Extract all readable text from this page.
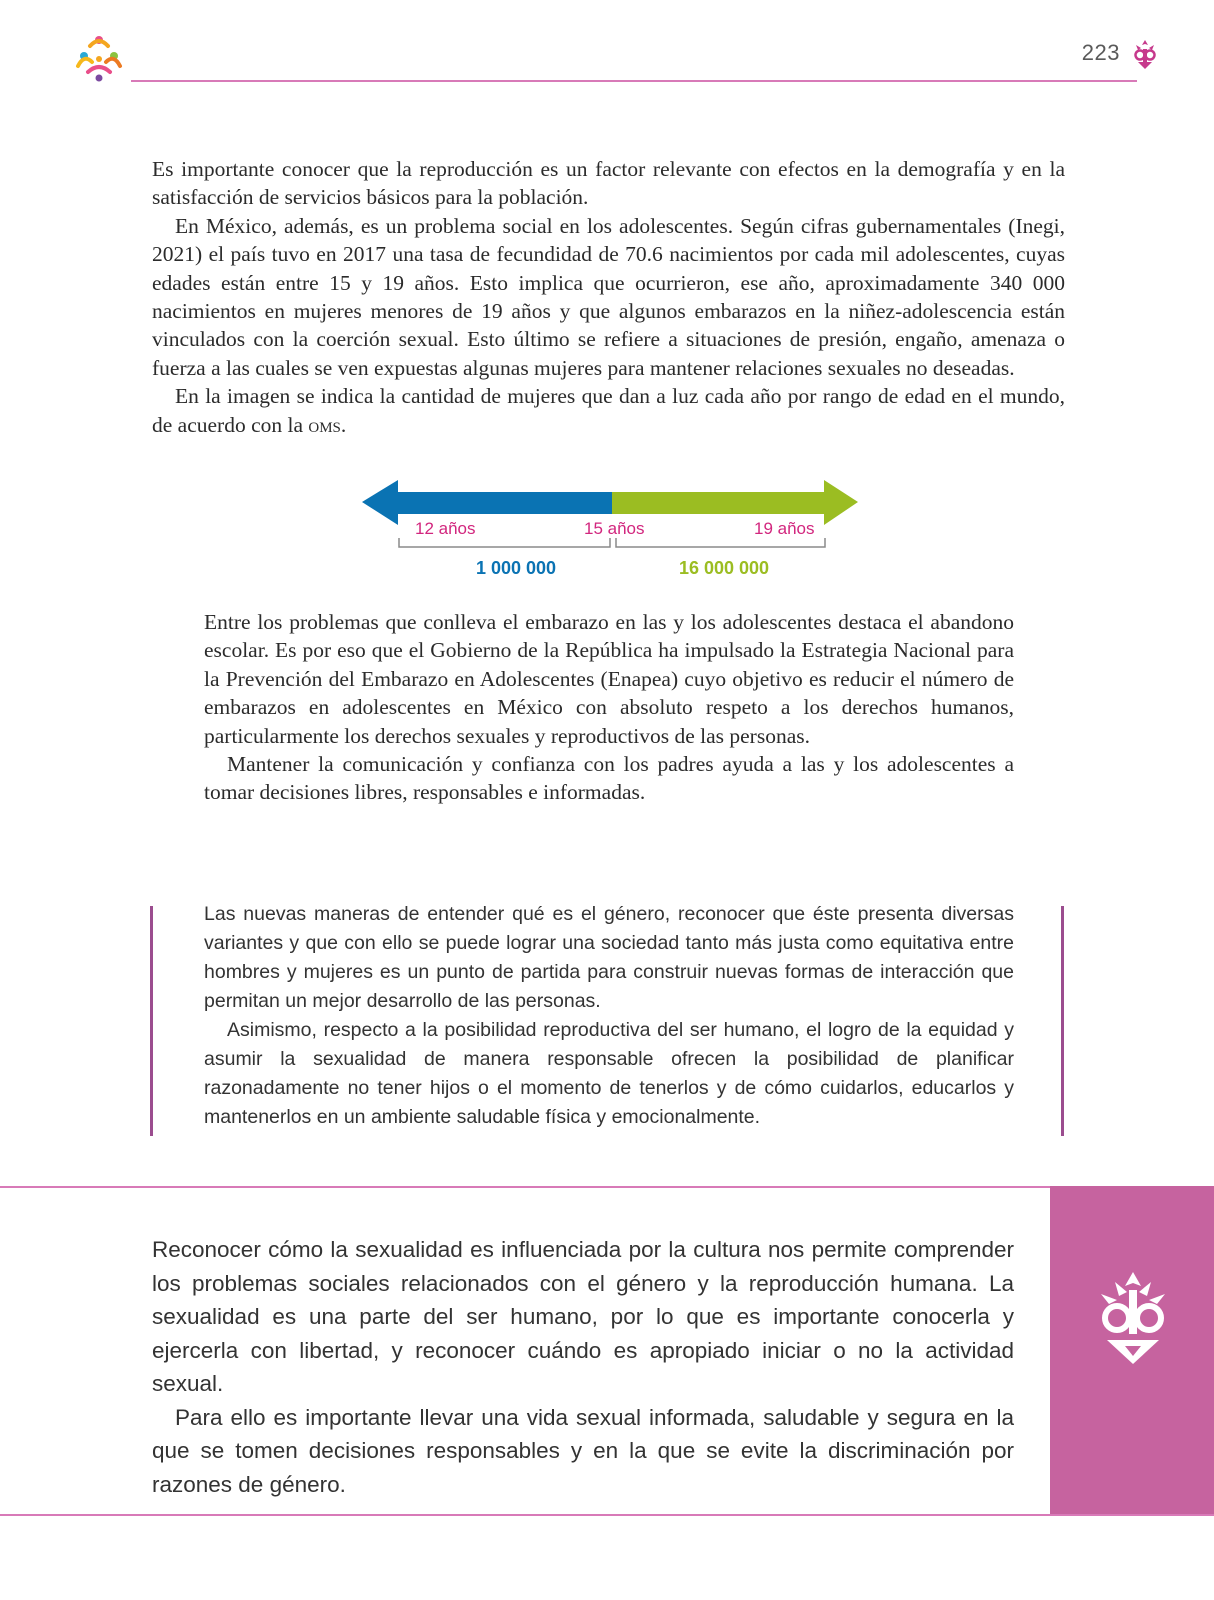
223

Es importante conocer que la reproducción es un factor relevante con efectos en la demografía y en la satisfacción de servicios básicos para la población.

En México, además, es un problema social en los adolescentes. Según cifras gubernamentales (Inegi, 2021) el país tuvo en 2017 una tasa de fecundidad de 70.6 nacimientos por cada mil adolescentes, cuyas edades están entre 15 y 19 años. Esto implica que ocurrieron, ese año, aproximadamente 340 000 nacimientos en mujeres menores de 19 años y que algunos embarazos en la niñez-adolescencia están vinculados con la coerción sexual. Esto último se refiere a situaciones de presión, engaño, amenaza o fuerza a las cuales se ven expuestas algunas mujeres para mantener relaciones sexuales no deseadas.

En la imagen se indica la cantidad de mujeres que dan a luz cada año por rango de edad en el mundo, de acuerdo con la oms.

12 años	15 años	19 años
1 000 000	16 000 000

Entre los problemas que conlleva el embarazo en las y los adolescentes destaca el abandono escolar. Es por eso que el Gobierno de la República ha impulsado la Estrategia Nacional para la Prevención del Embarazo en Adolescentes (Enapea) cuyo objetivo es reducir el número de embarazos en adolescentes en México con absoluto respeto a los derechos humanos, particularmente los derechos sexuales y reproductivos de las personas.

Mantener la comunicación y confianza con los padres ayuda a las y los adolescentes a tomar decisiones libres, responsables e informadas.

Las nuevas maneras de entender qué es el género, reconocer que éste presenta diversas variantes y que con ello se puede lograr una sociedad tanto más justa como equitativa entre hombres y mujeres es un punto de partida para construir nuevas formas de interacción que permitan un mejor desarrollo de las personas.

Asimismo, respecto a la posibilidad reproductiva del ser humano, el logro de la equidad y asumir la sexualidad de manera responsable ofrecen la posibilidad de planificar razonadamente no tener hijos o el momento de tenerlos y de cómo cuidarlos, educarlos y mantenerlos en un ambiente saludable física y emocionalmente.

Reconocer cómo la sexualidad es influenciada por la cultura nos permite comprender los problemas sociales relacionados con el género y la reproducción humana. La sexualidad es una parte del ser humano, por lo que es importante conocerla y ejercerla con libertad, y reconocer cuándo es apropiado iniciar o no la actividad sexual.

Para ello es importante llevar una vida sexual informada, saludable y segura en la que se tomen decisiones responsables y en la que se evite la discriminación por razones de género.
